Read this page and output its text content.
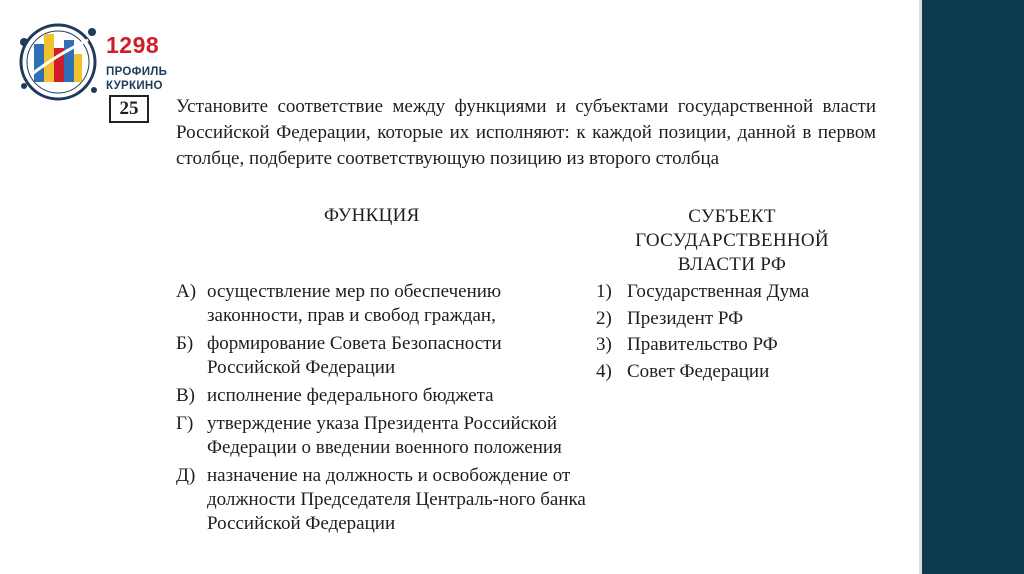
1298
ПРОФИЛЬ
КУРКИНО
25	Установите соответствие между функциями и субъектами государственной власти Российской Федерации, которые их исполняют: к каждой позиции, данной в первом столбце, подберите соответствующую позицию из второго столбца
ФУНКЦИЯ	СУБЪЕКТ
ГОСУДАРСТВЕННОЙ
ВЛАСТИ РФ
А) осуществление мер по обеспечению законности, прав и свобод граждан,
Б) формирование Совета Безопасности Российской Федерации
В) исполнение федерального бюджета
Г) утверждение указа Президента Российской Федерации о введении военного положения
Д) назначение на должность и освобождение от должности Председателя Централь-ного банка Российской Федерации
1) Государственная Дума
2) Президент РФ
3) Правительство РФ
4) Совет Федерации
